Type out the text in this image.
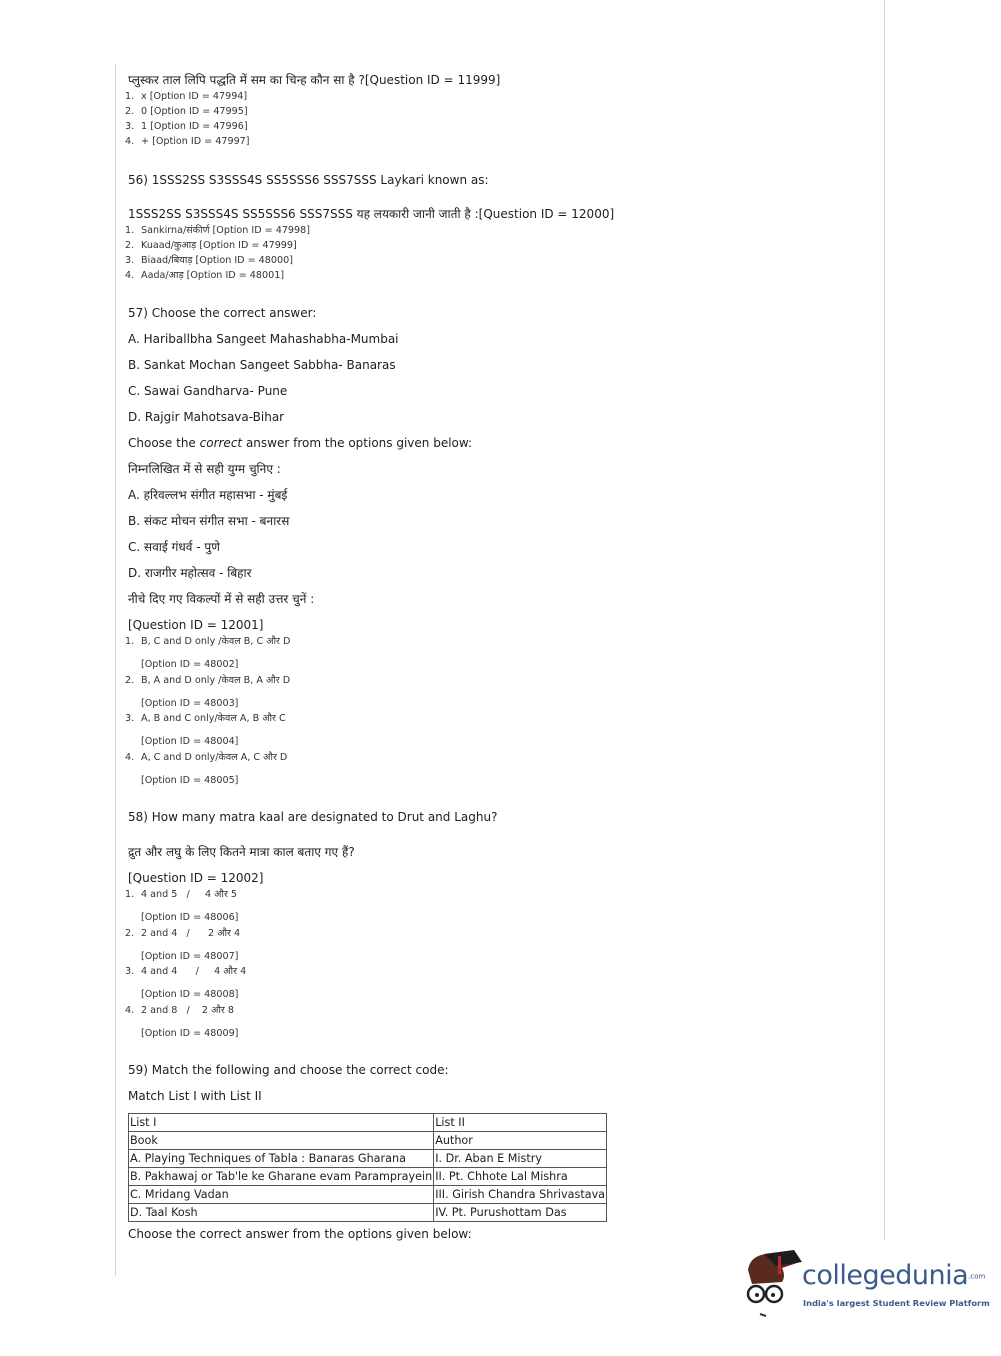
प्लुस्कर ताल लिपि पद्धति में सम का चिन्ह कौन सा है ?[Question ID = 11999]
1. x [Option ID = 47994]
2. 0 [Option ID = 47995]
3. 1 [Option ID = 47996]
4. + [Option ID = 47997]
56) 1SSS2SS S3SSS4S SS5SSS6 SSS7SSS Laykari known as:
1SSS2SS S3SSS4S SS5SSS6 SSS7SSS यह लयकारी जानी जाती है :[Question ID = 12000]
1. Sankirna/संकीर्ण [Option ID = 47998]
2. Kuaad/कुआड़ [Option ID = 47999]
3. Biaad/बियाड़ [Option ID = 48000]
4. Aada/आड़ [Option ID = 48001]
57) Choose the correct answer:
A. Hariballbha Sangeet Mahashabha-Mumbai
B. Sankat Mochan Sangeet Sabbha- Banaras
C. Sawai Gandharva- Pune
D. Rajgir Mahotsava-Bihar
Choose the correct answer from the options given below:
निम्नलिखित में से सही युग्म चुनिए :
A. हरिवल्लभ संगीत महासभा - मुंबई
B. संकट मोचन संगीत सभा - बनारस
C. सवाई गंधर्व - पुणे
D. राजगीर महोत्सव - बिहार
नीचे दिए गए विकल्पों में से सही उत्तर चुनें :
[Question ID = 12001]
1. B, C and D only /केवल B, C और D
[Option ID = 48002]
2. B, A and D only /केवल B, A और D
[Option ID = 48003]
3. A, B and C only/केवल A, B और C
[Option ID = 48004]
4. A, C and D only/केवल A, C और D
[Option ID = 48005]
58) How many matra kaal are designated to Drut and Laghu?
द्रुत और लघु के लिए कितने मात्रा काल बताए गए हैं?
[Question ID = 12002]
1. 4 and 5   /     4 और 5
[Option ID = 48006]
2. 2 and 4   /      2 और 4
[Option ID = 48007]
3. 4 and 4      /     4 और 4
[Option ID = 48008]
4. 2 and 8   /    2 और 8
[Option ID = 48009]
59) Match the following and choose the correct code:
Match List I with List II
List I	List II
Book	Author
A. Playing Techniques of Tabla : Banaras Gharana	I. Dr. Aban E Mistry
B. Pakhawaj or Tab'le ke Gharane evam Paramprayein	II. Pt. Chhote Lal Mishra
C. Mridang Vadan	III. Girish Chandra Shrivastava
D. Taal Kosh	IV. Pt. Purushottam Das
Choose the correct answer from the options given below:
collegedunia.com
India's largest Student Review Platform
